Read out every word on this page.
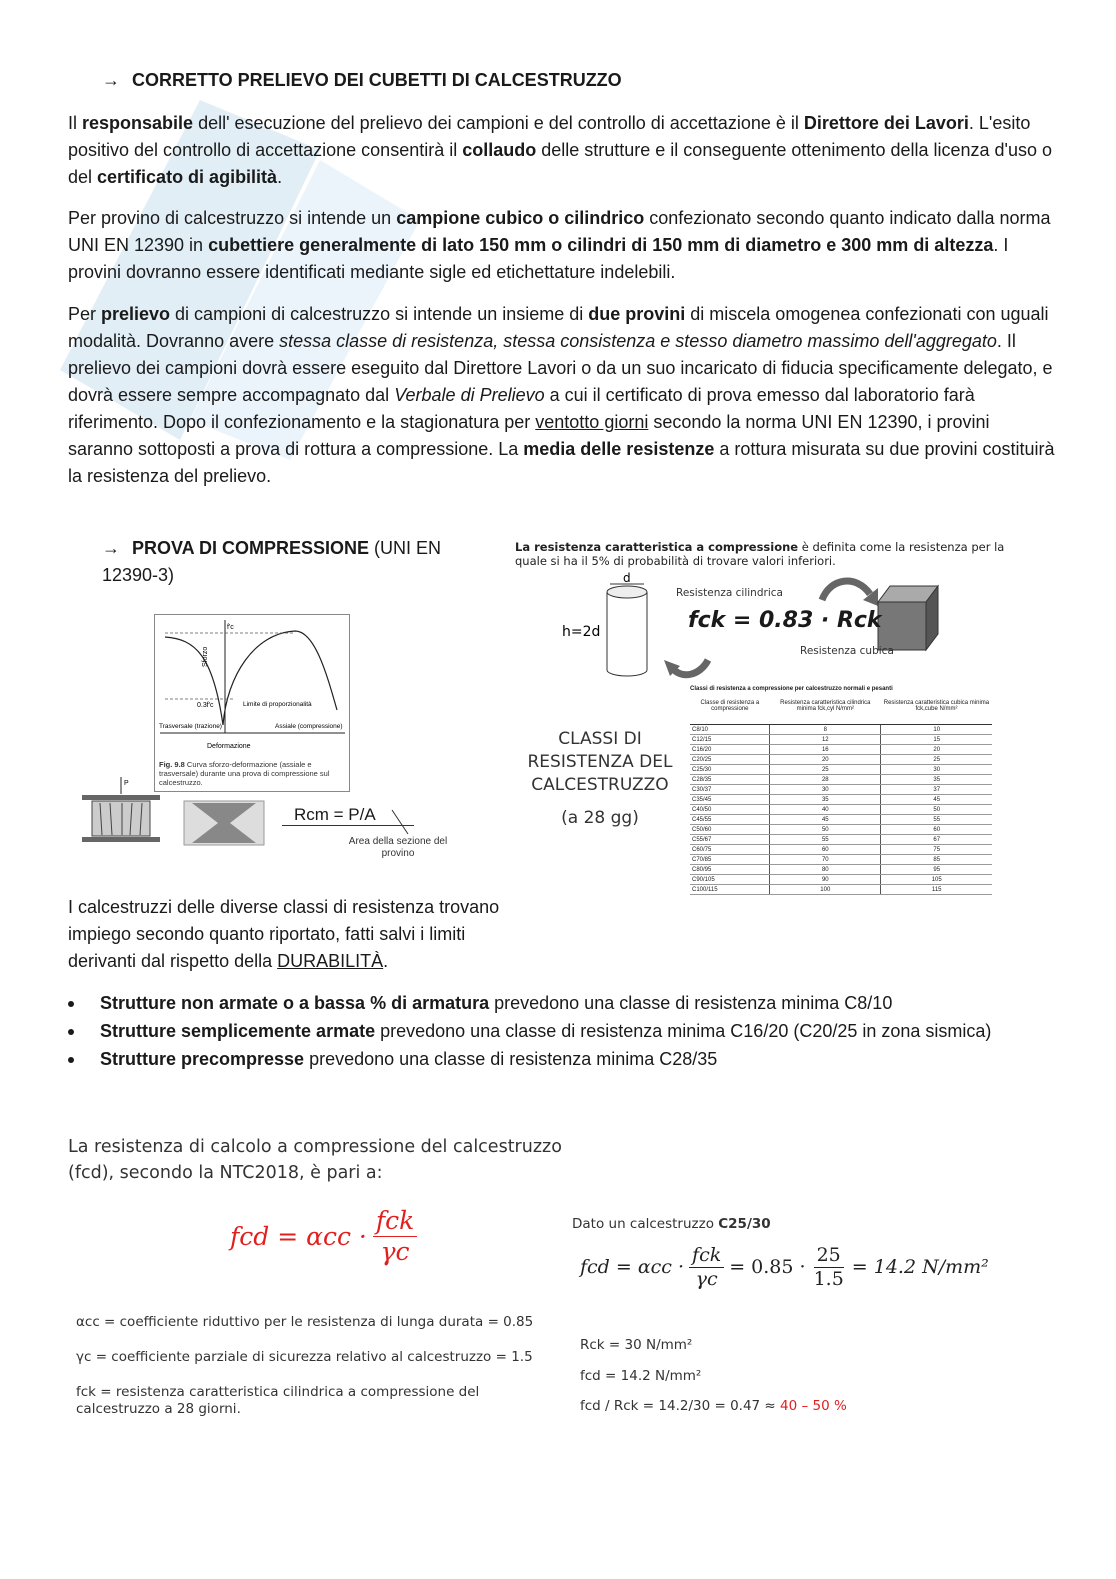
→ CORRETTO PRELIEVO DEI CUBETTI DI CALCESTRUZZO
Il responsabile dell' esecuzione del prelievo dei campioni e del controllo di accettazione è il Direttore dei Lavori. L'esito positivo del controllo di accettazione consentirà il collaudo delle strutture e il conseguente ottenimento della licenza d'uso o del certificato di agibilità.
Per provino di calcestruzzo si intende un campione cubico o cilindrico confezionato secondo quanto indicato dalla norma UNI EN 12390 in cubettiere generalmente di lato 150 mm o cilindri di 150 mm di diametro e 300 mm di altezza. I provini dovranno essere identificati mediante sigle ed etichettature indelebili.
Per prelievo di campioni di calcestruzzo si intende un insieme di due provini di miscela omogenea confezionati con uguali modalità. Dovranno avere stessa classe di resistenza, stessa consistenza e stesso diametro massimo dell'aggregato. Il prelievo dei campioni dovrà essere eseguito dal Direttore Lavori o da un suo incaricato di fiducia specificamente delegato, e dovrà essere sempre accompagnato dal Verbale di Prelievo a cui il certificato di prova emesso dal laboratorio farà riferimento. Dopo il confezionamento e la stagionatura per ventotto giorni secondo la norma UNI EN 12390, i provini saranno sottoposti a prova di rottura a compressione. La media delle resistenze a rottura misurata su due provini costituirà la resistenza del prelievo.
→ PROVA DI COMPRESSIONE (UNI EN 12390-3)
Sforzo
f'c
0.3f'c	Limite di proporzionalità
Trasversale (trazione)	Assiale (compressione)
Deformazione
Fig. 9.8 Curva sforzo-deformazione (assiale e trasversale) durante una prova di compressione sul calcestruzzo.
P
Rcm = P/A
Area della sezione del provino
I calcestruzzi delle diverse classi di resistenza trovano impiego secondo quanto riportato, fatti salvi i limiti derivanti dal rispetto della DURABILITÀ.
La resistenza caratteristica a compressione è definita come la resistenza per la quale si ha il 5% di probabilità di trovare valori inferiori.
d
h=2d
Resistenza cilindrica
Resistenza cubica
fck = 0.83 · Rck
CLASSI DI RESISTENZA DEL CALCESTRUZZO
(a 28 gg)
Classi di resistenza a compressione per calcestruzzo normali e pesanti
Classe di resistenza a compressione	Resistenza caratteristica cilindrica minima fck,cyl N/mm²	Resistenza caratteristica cubica minima fck,cube N/mm²
C8/10	8	10
C12/15	12	15
C16/20	16	20
C20/25	20	25
C25/30	25	30
C28/35	28	35
C30/37	30	37
C35/45	35	45
C40/50	40	50
C45/55	45	55
C50/60	50	60
C55/67	55	67
C60/75	60	75
C70/85	70	85
C80/95	80	95
C90/105	90	105
C100/115	100	115
Strutture non armate o a bassa % di armatura prevedono una classe di resistenza minima C8/10
Strutture semplicemente armate prevedono una classe di resistenza minima C16/20 (C20/25 in zona sismica)
Strutture precompresse prevedono una classe di resistenza minima C28/35
La resistenza di calcolo a compressione del calcestruzzo
(fcd), secondo la NTC2018, è pari a:
fcd = $\alpha cc \cdot \frac{\text{fck}}{\gamma c}$
αcc = coefficiente riduttivo per le resistenza di lunga durata = 0.85
γc = coefficiente parziale di sicurezza relativo al calcestruzzo = 1.5
fck = resistenza caratteristica cilindrica a compressione del calcestruzzo a 28 giorni.
Dato un calcestruzzo C25/30
fcd = $\alpha cc \cdot \frac{\text{fck}}{\gamma c} = 0.85 \cdot \frac{25}{1.5} = 14.2$ N/mm²
Rck = 30 N/mm²
fcd = 14.2 N/mm²
fcd / Rck = 14.2/30 = 0.47 ≈ 40 – 50 %
